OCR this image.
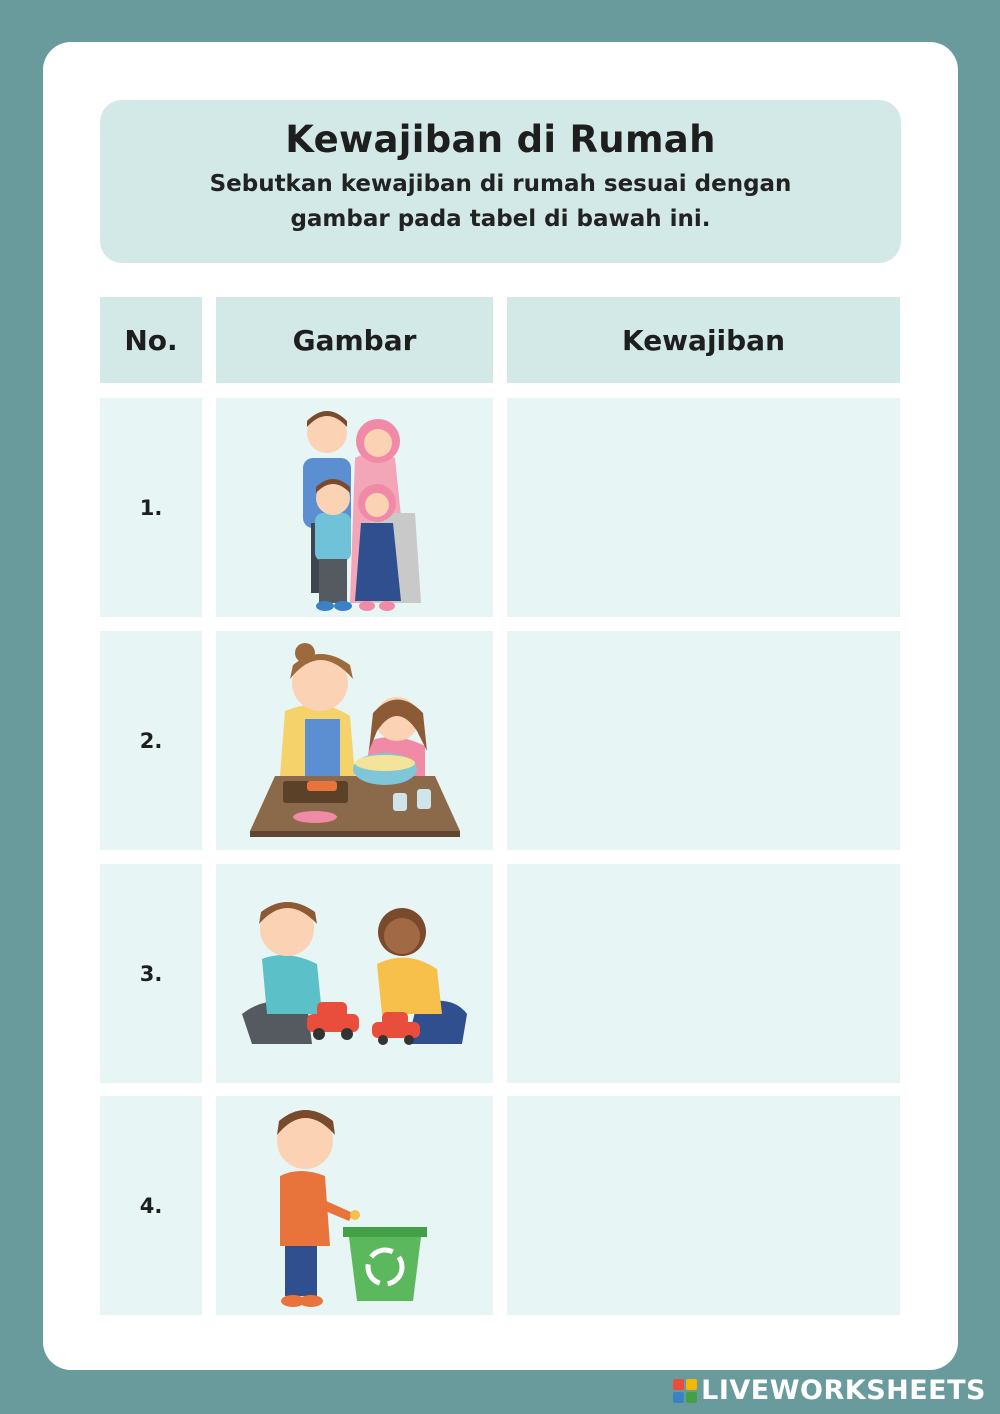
Kewajiban di Rumah
Sebutkan kewajiban di rumah sesuai dengan gambar pada tabel di bawah ini.
No.	Gambar	Kewajiban
1.
2.
3.
4.
LIVEWORKSHEETS
